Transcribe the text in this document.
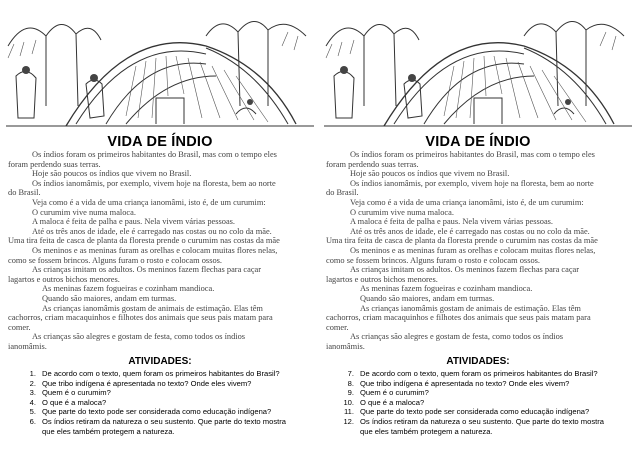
VIDA DE ÍNDIO

Os índios foram os primeiros habitantes do Brasil, mas com o tempo eles

foram perdendo suas terras.

Hoje são poucos os índios que vivem no Brasil.

Os índios ianomâmis, por exemplo, vivem hoje na floresta, bem ao norte

do Brasil.

Veja como é a vida de uma criança ianomâmi, isto é, de um curumim:

O curumim vive numa maloca.

A maloca é feita de palha e paus. Nela vivem várias pessoas.

Até os três anos de idade, ele é carregado nas costas ou no colo da mãe.

Uma tira feita de casca de planta da floresta prende o curumim nas costas da mãe

Os meninos e as meninas furam as orelhas e colocam muitas flores nelas,

como se fossem brincos. Alguns furam o rosto e colocam ossos.

As crianças imitam os adultos. Os meninos fazem flechas para caçar

lagartos e outros bichos menores.

As meninas fazem fogueiras e cozinham mandioca.

Quando são maiores, andam em turmas.

As crianças ianomâmis gostam de animais de estimação. Elas têm

cachorros, criam macaquinhos e filhotes dos animais que seus pais matam para

comer.

As crianças são alegres e gostam de festa, como todos os índios

ianomâmis.

ATIVIDADES:
1. De acordo com o texto, quem foram os primeiros habitantes do Brasil?
2. Que tribo indígena é apresentada no texto? Onde eles vivem?
3. Quem é o curumim?
4. O que é a maloca?
5. Que parte do texto pode ser considerada como educação indígena?
6. Os índios retiram da natureza o seu sustento. Que parte do texto mostra
que eles também protegem a natureza.
VIDA DE ÍNDIO

Os índios foram os primeiros habitantes do Brasil, mas com o tempo eles

foram perdendo suas terras.

Hoje são poucos os índios que vivem no Brasil.

Os índios ianomâmis, por exemplo, vivem hoje na floresta, bem ao norte

do Brasil.

Veja como é a vida de uma criança ianomâmi, isto é, de um curumim:

O curumim vive numa maloca.

A maloca é feita de palha e paus. Nela vivem várias pessoas.

Até os três anos de idade, ele é carregado nas costas ou no colo da mãe.

Uma tira feita de casca de planta da floresta prende o curumim nas costas da mãe

Os meninos e as meninas furam as orelhas e colocam muitas flores nelas,

como se fossem brincos. Alguns furam o rosto e colocam ossos.

As crianças imitam os adultos. Os meninos fazem flechas para caçar

lagartos e outros bichos menores.

As meninas fazem fogueiras e cozinham mandioca.

Quando são maiores, andam em turmas.

As crianças ianomâmis gostam de animais de estimação. Elas têm

cachorros, criam macaquinhos e filhotes dos animais que seus pais matam para

comer.

As crianças são alegres e gostam de festa, como todos os índios

ianomâmis.

ATIVIDADES:
7. De acordo com o texto, quem foram os primeiros habitantes do Brasil?
8. Que tribo indígena é apresentada no texto? Onde eles vivem?
9. Quem é o curumim?
10. O que é a maloca?
11. Que parte do texto pode ser considerada como educação indígena?
12. Os índios retiram da natureza o seu sustento. Que parte do texto mostra
que eles também protegem a natureza.
